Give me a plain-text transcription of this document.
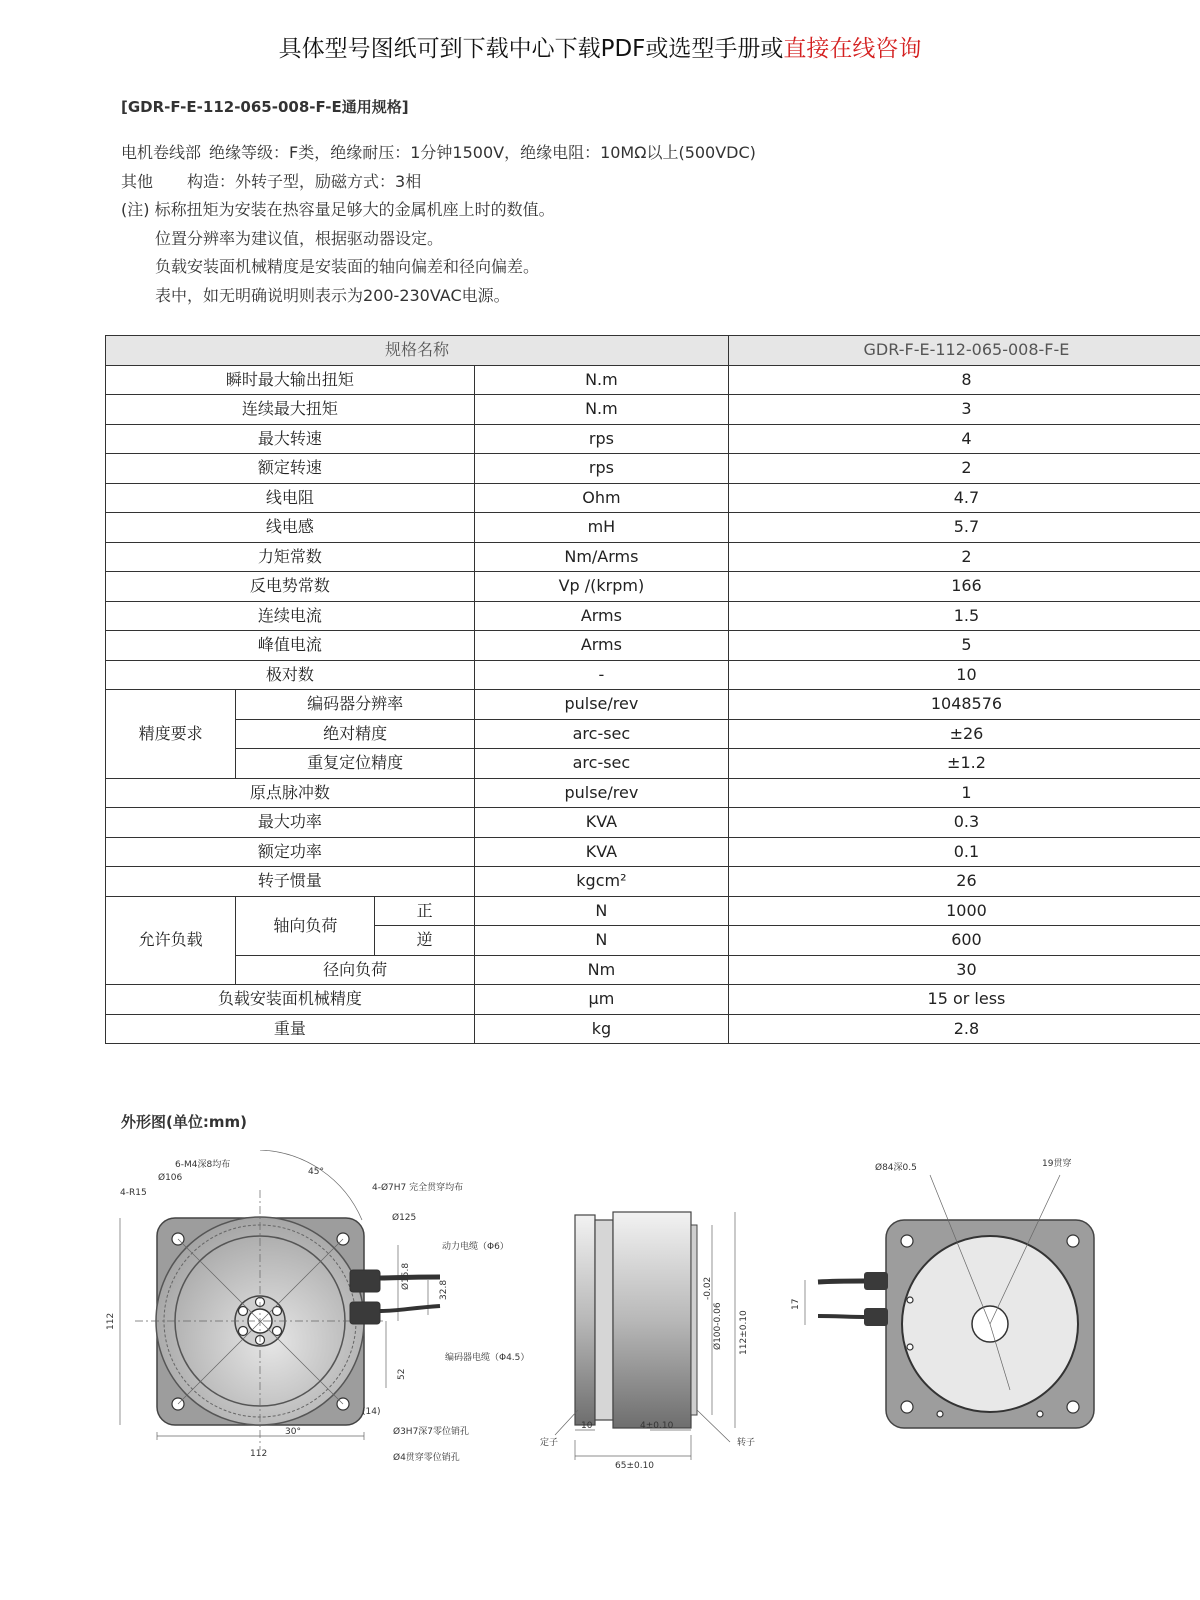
具体型号图纸可到下载中心下载PDF或选型手册或直接在线咨询
[GDR-F-E-112-065-008-F-E通用规格]
电机卷线部 绝缘等级：F类，绝缘耐压：1分钟1500V，绝缘电阻：10MΩ以上(500VDC)
其他 构造：外转子型，励磁方式：3相
(注) 标称扭矩为安装在热容量足够大的金属机座上时的数值。
位置分辨率为建议值，根据驱动器设定。
负载安装面机械精度是安装面的轴向偏差和径向偏差。
表中，如无明确说明则表示为200-230VAC电源。
规格名称				GDR-F-E-112-065-008-F-E
瞬时最大输出扭矩			N.m	8
连续最大扭矩			N.m	3
最大转速			rps	4
额定转速			rps	2
线电阻			Ohm	4.7
线电感			mH	5.7
力矩常数			Nm/Arms	2
反电势常数			Vp /(krpm)	166
连续电流			Arms	1.5
峰值电流			Arms	5
极对数			-	10
精度要求	编码器分辨率		pulse/rev	1048576
	绝对精度		arc-sec	±26
	重复定位精度		arc-sec	±1.2
原点脉冲数			pulse/rev	1
最大功率			KVA	0.3
额定功率			KVA	0.1
转子惯量			kgcm²	26
允许负载	轴向负荷	正	N	1000
		逆	N	600
	径向负荷		Nm	30
负载安装面机械精度			μm	15 or less
重量			kg	2.8
外形图(单位:mm)
6-M4深8均布
Ø106
4-R15
45°
4-Ø7H7 完全贯穿均布
Ø125
动力电缆（Φ6）
Ø15.8	32.8
编码器电缆（Φ4.5）
52
(14)
Ø3H7深7零位销孔
Ø4贯穿零位销孔
30°
112
112
定子	转子
10	4±0.10
65±0.10
Ø100-0.06
-0.02
112±0.10
Ø84深0.5	19贯穿
17
